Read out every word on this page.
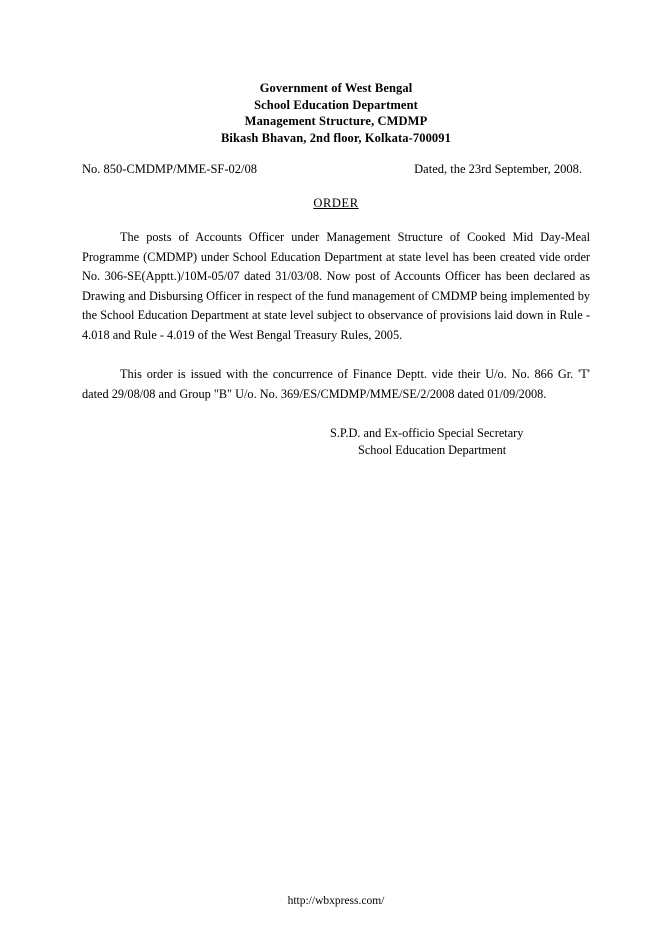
Government of West Bengal
School Education Department
Management Structure, CMDMP
Bikash Bhavan, 2nd floor, Kolkata-700091
No. 850-CMDMP/MME-SF-02/08	Dated, the 23rd September, 2008.
ORDER

The posts of Accounts Officer under Management Structure of Cooked Mid Day-Meal Programme (CMDMP) under School Education Department at state level has been created vide order No. 306-SE(Apptt.)/10M-05/07 dated 31/03/08. Now post of Accounts Officer has been declared as Drawing and Disbursing Officer in respect of the fund management of CMDMP being implemented by the School Education Department at state level subject to observance of provisions laid down in Rule - 4.018 and Rule - 4.019 of the West Bengal Treasury Rules, 2005.

This order is issued with the concurrence of Finance Deptt. vide their U/o. No. 866 Gr. 'T' dated 29/08/08 and Group "B" U/o. No. 369/ES/CMDMP/MME/SE/2/2008 dated 01/09/2008.

S.P.D. and Ex-officio Special Secretary
School Education Department
http://wbxpress.com/
